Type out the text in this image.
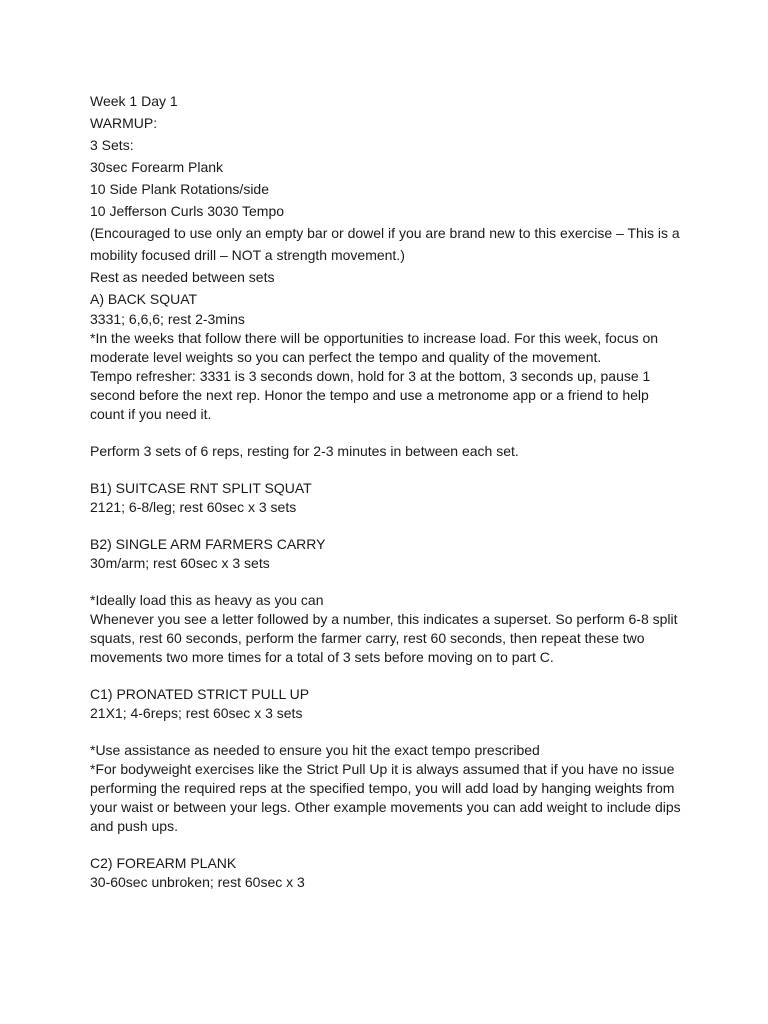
Week 1 Day 1
WARMUP:
3 Sets:
30sec Forearm Plank
10 Side Plank Rotations/side
10 Jefferson Curls 3030 Tempo
(Encouraged to use only an empty bar or dowel if you are brand new to this exercise – This is a
mobility focused drill – NOT a strength movement.)
Rest as needed between sets
A) BACK SQUAT
3331; 6,6,6; rest 2-3mins
*In the weeks that follow there will be opportunities to increase load. For this week, focus on
moderate level weights so you can perfect the tempo and quality of the movement.
Tempo refresher: 3331 is 3 seconds down, hold for 3 at the bottom, 3 seconds up, pause 1
second before the next rep. Honor the tempo and use a metronome app or a friend to help
count if you need it.
Perform 3 sets of 6 reps, resting for 2-3 minutes in between each set.
B1) SUITCASE RNT SPLIT SQUAT
2121; 6-8/leg; rest 60sec x 3 sets
B2) SINGLE ARM FARMERS CARRY
30m/arm; rest 60sec x 3 sets
*Ideally load this as heavy as you can
Whenever you see a letter followed by a number, this indicates a superset. So perform 6-8 split
squats, rest 60 seconds, perform the farmer carry, rest 60 seconds, then repeat these two
movements two more times for a total of 3 sets before moving on to part C.
C1) PRONATED STRICT PULL UP
21X1; 4-6reps; rest 60sec x 3 sets
*Use assistance as needed to ensure you hit the exact tempo prescribed
*For bodyweight exercises like the Strict Pull Up it is always assumed that if you have no issue
performing the required reps at the specified tempo, you will add load by hanging weights from
your waist or between your legs. Other example movements you can add weight to include dips
and push ups.
C2) FOREARM PLANK
30-60sec unbroken; rest 60sec x 3
